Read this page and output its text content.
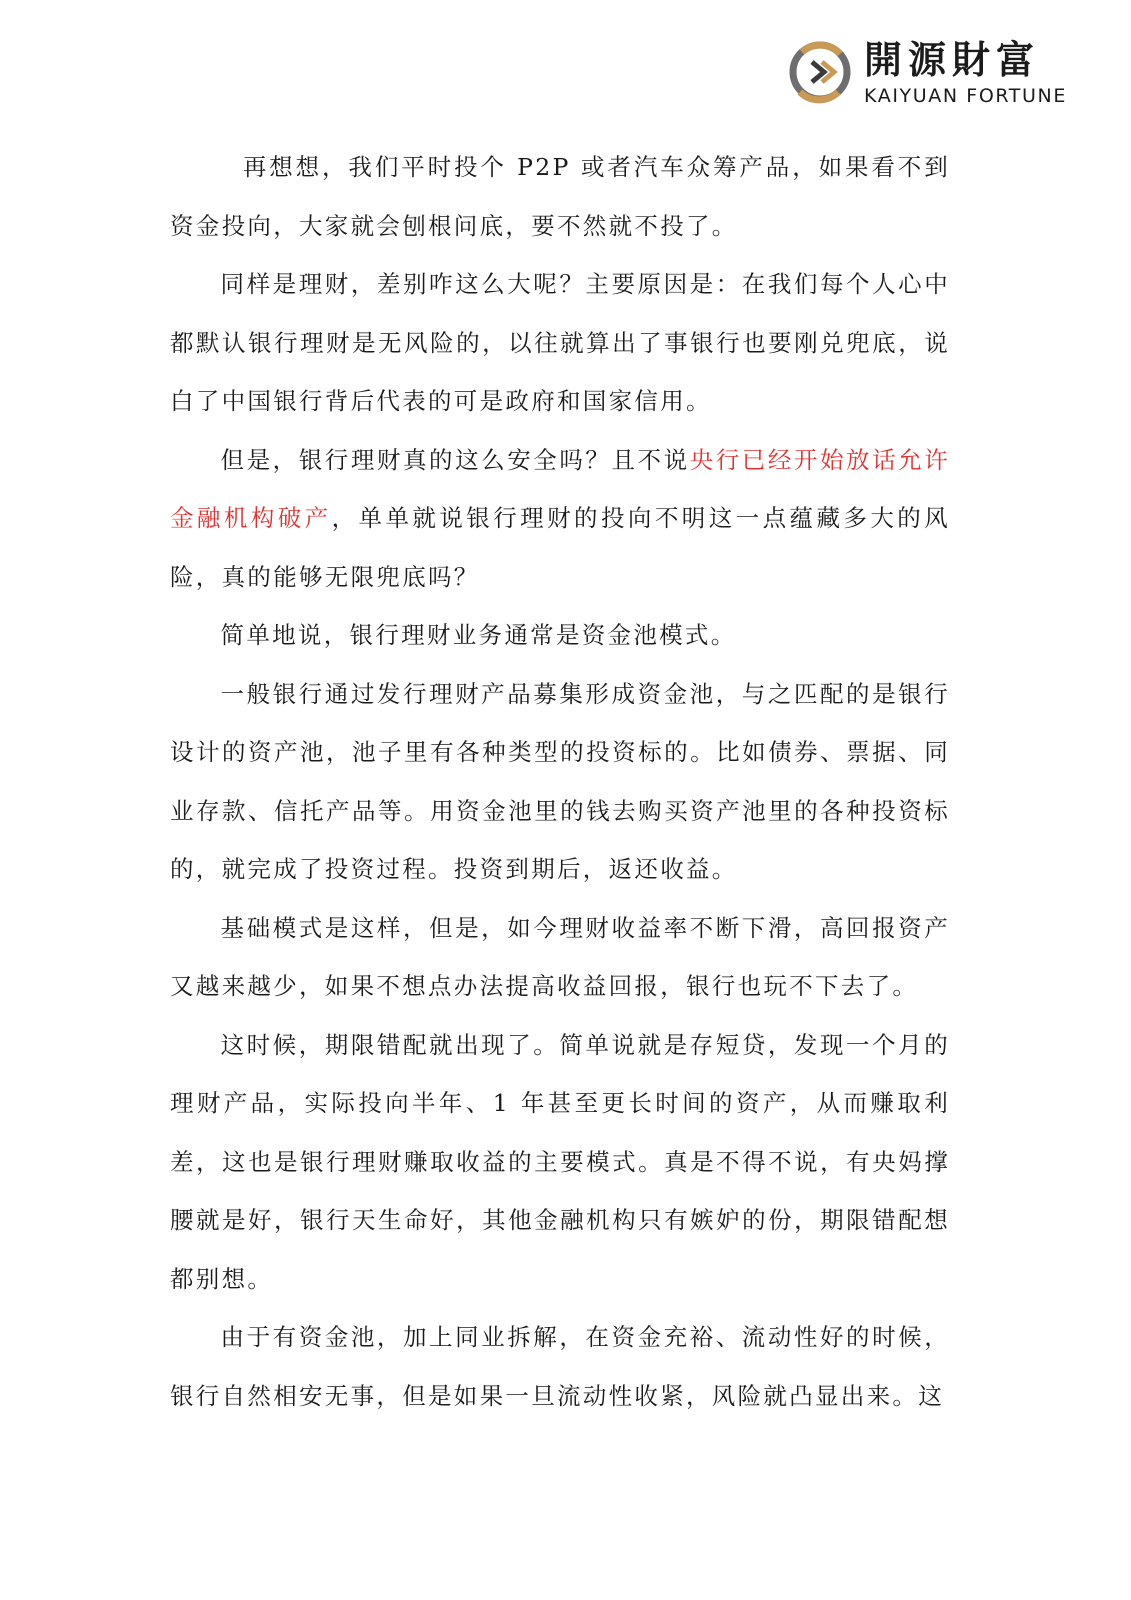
開源財富
KAIYUAN FORTUNE

再想想，我们平时投个 P2P 或者汽车众筹产品，如果看不到资金投向，大家就会刨根问底，要不然就不投了。

同样是理财，差别咋这么大呢？主要原因是：在我们每个人心中都默认银行理财是无风险的，以往就算出了事银行也要刚兑兜底，说白了中国银行背后代表的可是政府和国家信用。

但是，银行理财真的这么安全吗？且不说央行已经开始放话允许金融机构破产，单单就说银行理财的投向不明这一点蕴藏多大的风险，真的能够无限兜底吗？

简单地说，银行理财业务通常是资金池模式。

一般银行通过发行理财产品募集形成资金池，与之匹配的是银行设计的资产池，池子里有各种类型的投资标的。比如债券、票据、同业存款、信托产品等。用资金池里的钱去购买资产池里的各种投资标的，就完成了投资过程。投资到期后，返还收益。

基础模式是这样，但是，如今理财收益率不断下滑，高回报资产又越来越少，如果不想点办法提高收益回报，银行也玩不下去了。

这时候，期限错配就出现了。简单说就是存短贷，发现一个月的理财产品，实际投向半年、1 年甚至更长时间的资产，从而赚取利差，这也是银行理财赚取收益的主要模式。真是不得不说，有央妈撑腰就是好，银行天生命好，其他金融机构只有嫉妒的份，期限错配想都别想。

由于有资金池，加上同业拆解，在资金充裕、流动性好的时候，银行自然相安无事，但是如果一旦流动性收紧，风险就凸显出来。这
